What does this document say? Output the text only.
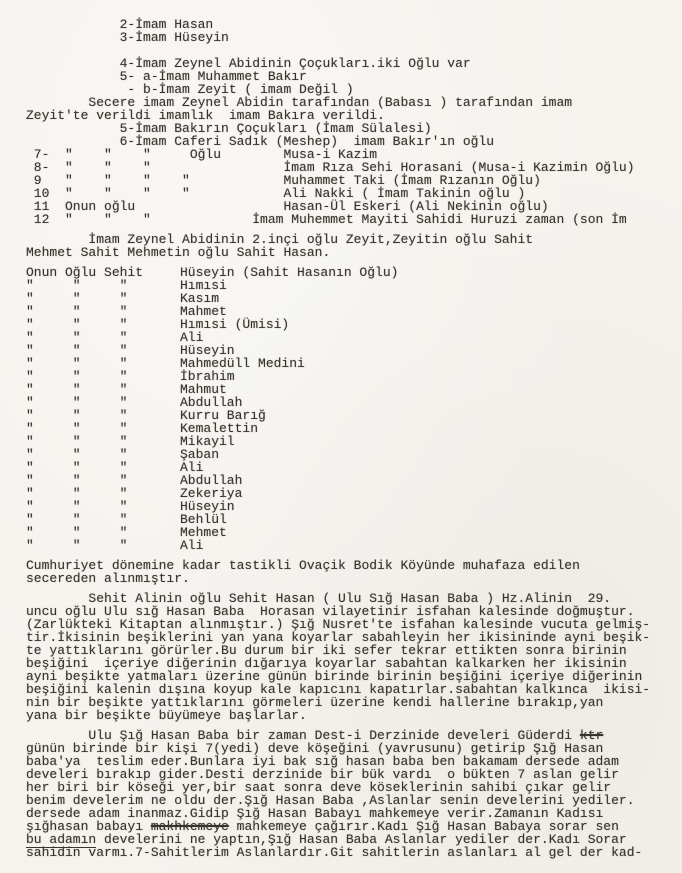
2-İmam Hasan
3-İmam Hüseyin
4-İmam Zeynel Abidinin Çoçukları.iki Oğlu var
5- a-İmam Muhammet Bakır
- b-İmam Zeyit ( imam Değil )
Secere imam Zeynel Abidin tarafından (Babası ) tarafından imam
Zeyit'te verildi imamlık  imam Bakıra verildi.
5-İmam Bakırın Çoçukları (İmam Sülalesi)
6-İmam Caferi Sadık (Meshep)  imam Bakır'ın oğlu
7-  "    "    "     Oğlu        Musa-i Kazim
8-  "    "    "                 İmam Rıza Sehi Horasani (Musa-i Kazimin Oğlu)
9   "    "    "    "            Muhammet Taki (İmam Rızanın Oğlu)
10  "    "    "    "            Ali Nakki ( İmam Takinin oğlu )
11  Onun oğlu                   Hasan-Ül Eskeri (Ali Nekinin oğlu)
12  "    "    "             İmam Muhemmet Mayiti Sahidi Huruzi zaman (son İm
İmam Zeynel Abidinin 2.inçi oğlu Zeyit,Zeyitin oğlu Sahit
Mehmet Sahit Mehmetin oğlu Sahit Hasan.
Onun Oğlu Sehit	Hüseyin (Sahit Hasanın Oğlu)
"     "     "	Hımısi
"     "     "	Kasım
"     "     "	Mahmet
"     "     "	Hımısi (Ümisi)
"     "     "	Ali
"     "     "	Hüseyin
"     "     "	Mahmedüll Medini
"     "     "	İbrahim
"     "     "	Mahmut
"     "     "	Abdullah
"     "     "	Kurru Barığ
"     "     "	Kemalettin
"     "     "	Mikayil
"     "     "	Şaban
"     "     "	Ali
"     "     "	Abdullah
"     "     "	Zekeriya
"     "     "	Hüseyin
"     "     "	Behlül
"     "     "	Mehmet
"     "     "	Ali
Cumhuriyet dönemine kadar tastikli Ovaçik Bodik Köyünde muhafaza edilen
secereden alınmıştır.
Sehit Alinin oğlu Sehit Hasan ( Ulu Sığ Hasan Baba ) Hz.Alinin  29.
uncu oğlu Ulu sığ Hasan Baba  Horasan vilayetinir isfahan kalesinde doğmuştur.
(Zarlükteki Kitaptan alınmıştır.) Şığ Nusret'te isfahan kalesinde vucuta gelmiş-
tir.İkisinin beşiklerini yan yana koyarlar sabahleyin her ikisininde ayni beşik-
te yattıklarını görürler.Bu durum bir iki sefer tekrar ettikten sonra birinin
beşiğini  içeriye diğerinin dığarıya koyarlar sabahtan kalkarken her ikisinin
ayni beşikte yatmaları üzerine günün birinde birinin beşiğini içeriye diğerinin
beşiğini kalenin dışına koyup kale kapıcını kapatırlar.sabahtan kalkınca  ikisi-
nin bir beşikte yattıklarını görmeleri üzerine kendi hallerine bırakıp,yan
yana bir beşikte büyümeye başlarlar.
Ulu Şığ Hasan Baba bir zaman Dest-i Derzinide develeri Güderdi ktr
günün birinde bir kişi 7(yedi) deve köşeğini (yavrusunu) getirip Şığ Hasan
baba'ya  teslim eder.Bunlara iyi bak sığ hasan baba ben bakamam dersede adam
develeri bırakıp gider.Desti derzinide bir bük vardı  o bükten 7 aslan gelir
her biri bir köseği yer,bir saat sonra deve köseklerinin sahibi çıkar gelir
benim develerim ne oldu der.Şığ Hasan Baba ,Aslanlar senin develerini yediler.
dersede adam inanmaz.Gidip Şığ Hasan Babayı mahkemeye verir.Zamanın Kadısı
şığhasan babayı makhkemeye mahkemeye çağırır.Kadı Şığ Hasan Babaya sorar sen
bu adamın develerini ne yaptın,Şığ Hasan Baba Aslanlar yediler der.Kadı Sorar
sahidin varmı.7-Sahitlerim Aslanlardır.Git sahitlerin aslanları al gel der kad-
